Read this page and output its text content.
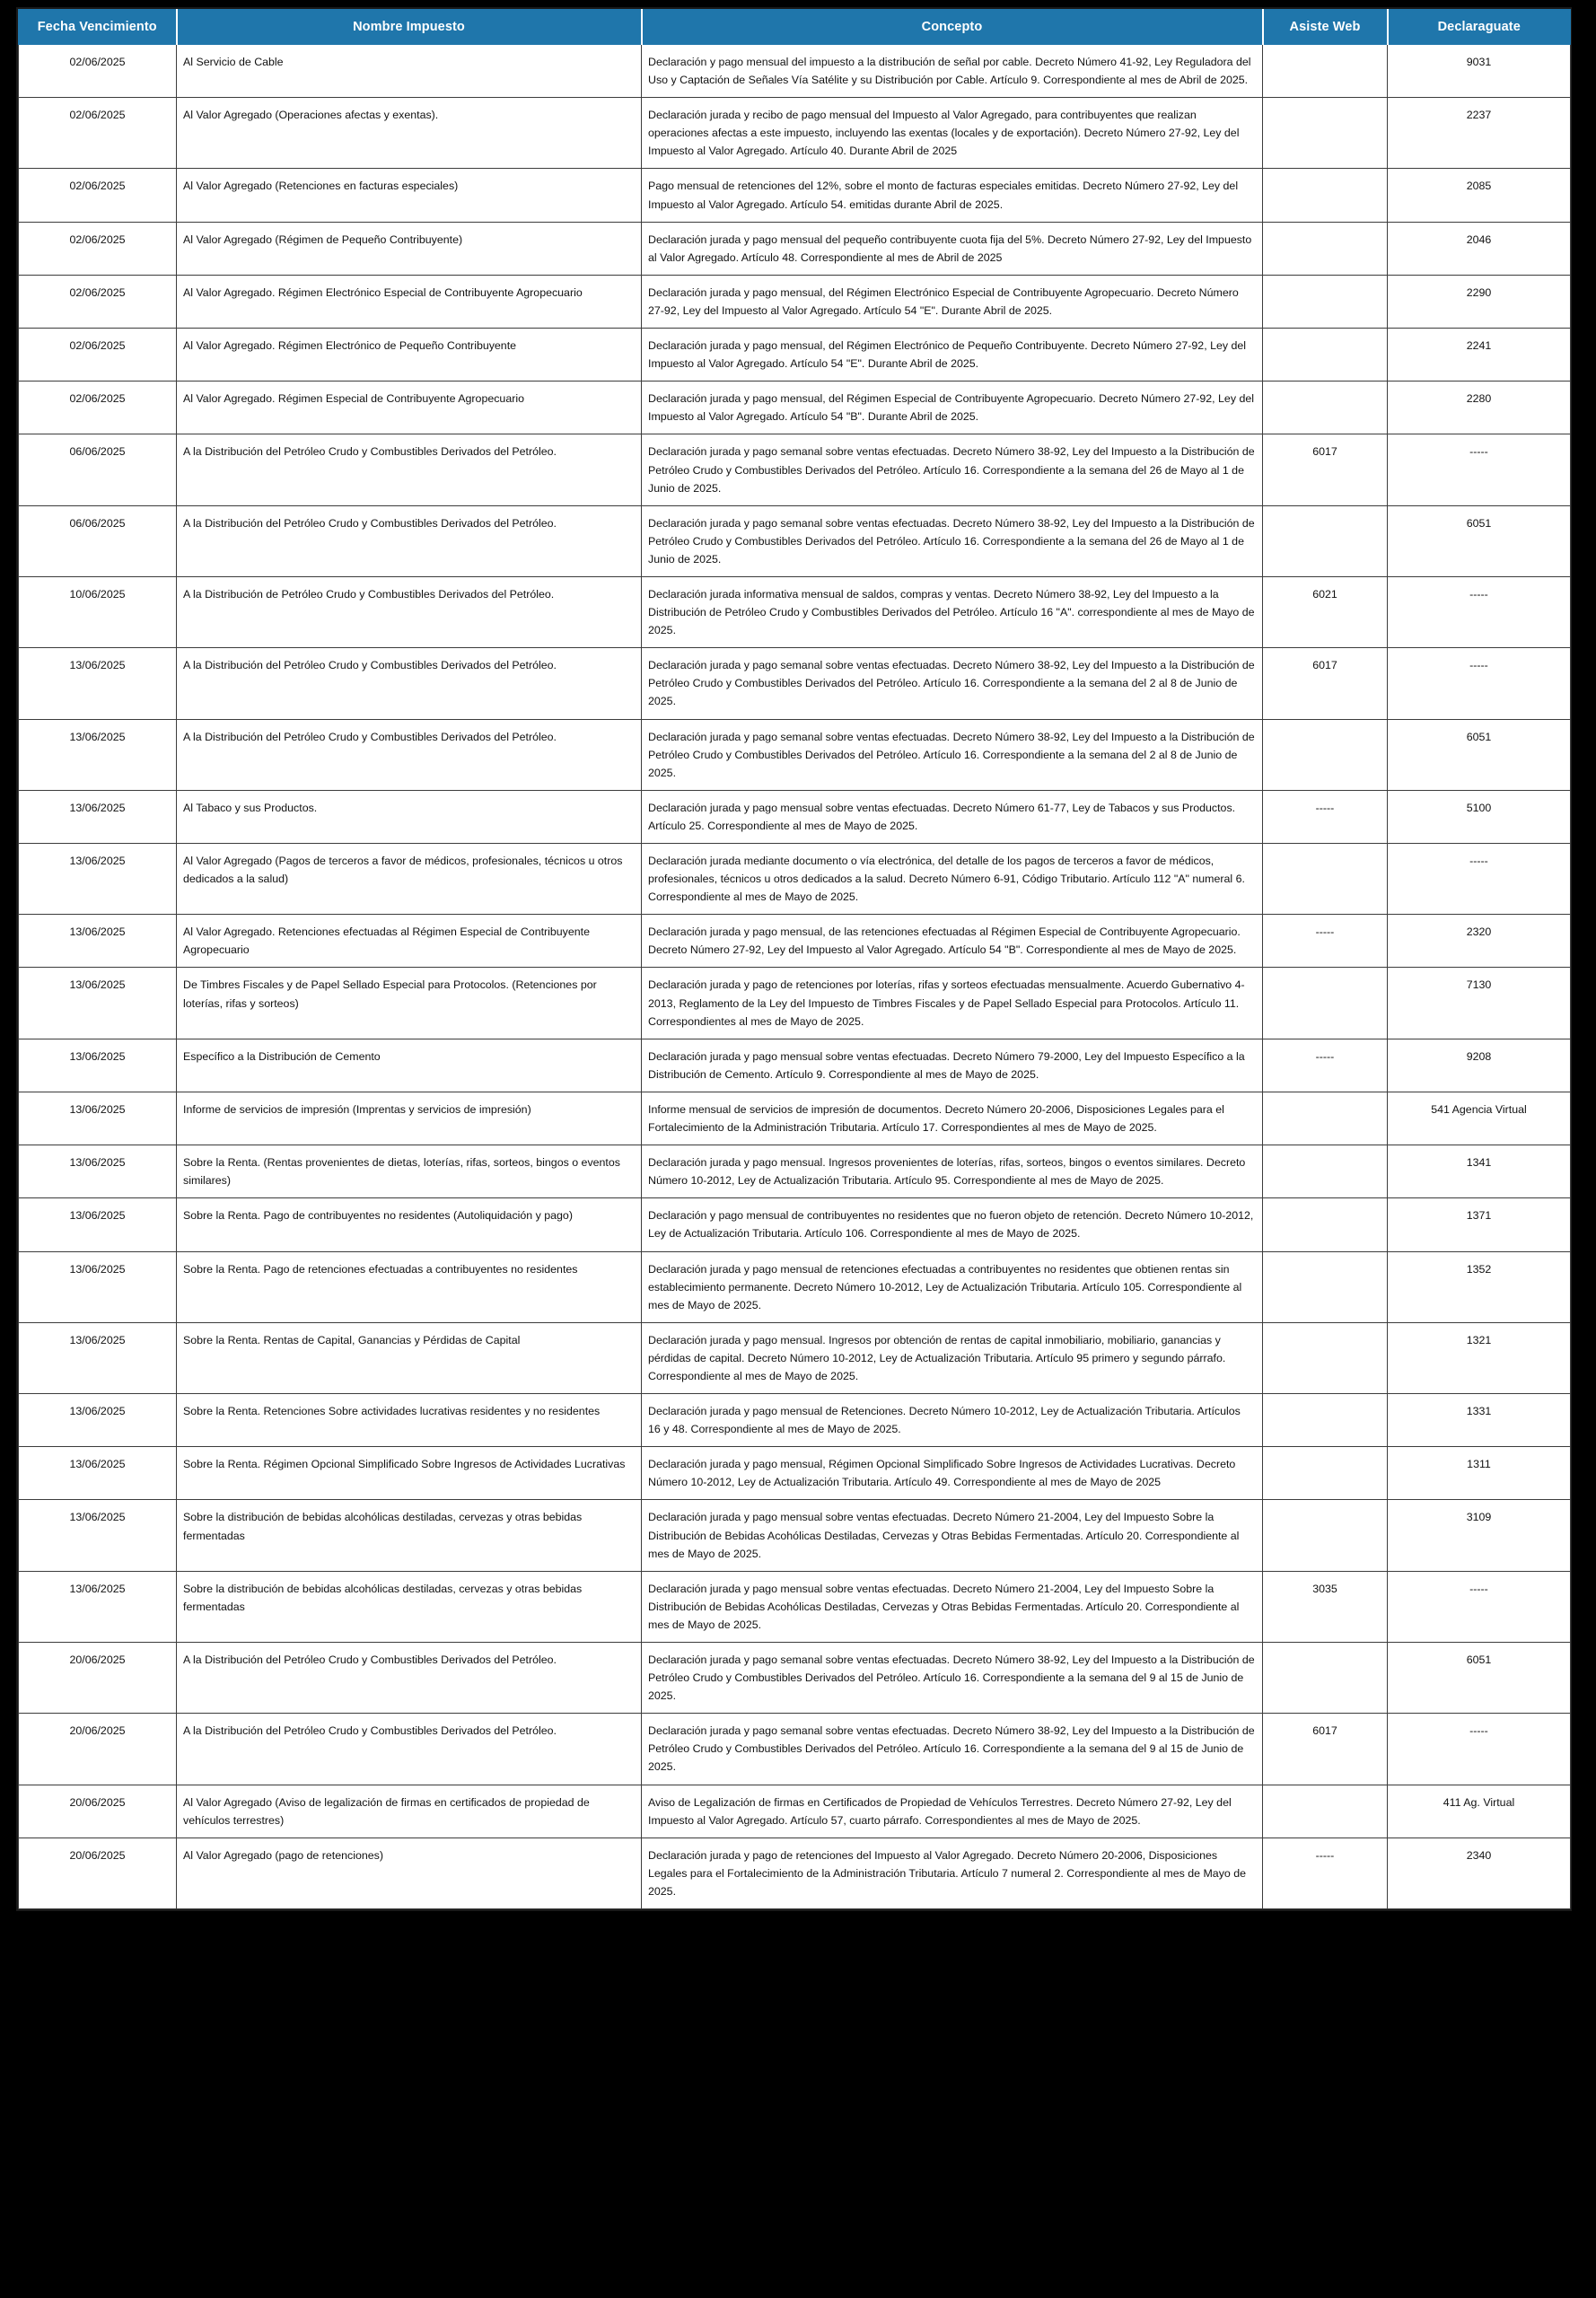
Fecha Vencimiento	Nombre Impuesto	Concepto	Asiste Web	Declaraguate
02/06/2025	Al Servicio de Cable	Declaración y pago mensual del impuesto a la distribución de señal por cable. Decreto Número 41-92, Ley Reguladora del Uso y Captación de Señales Vía Satélite y su Distribución por Cable. Artículo 9. Correspondiente al mes de Abril de 2025.		9031
02/06/2025	Al Valor Agregado (Operaciones afectas y exentas).	Declaración jurada y recibo de pago mensual del Impuesto al Valor Agregado, para contribuyentes que realizan operaciones afectas a este impuesto, incluyendo las exentas (locales y de exportación). Decreto Número 27-92, Ley del Impuesto al Valor Agregado. Artículo 40. Durante Abril de 2025		2237
02/06/2025	Al Valor Agregado (Retenciones en facturas especiales)	Pago mensual de retenciones del 12%, sobre el monto de facturas especiales emitidas. Decreto Número 27-92, Ley del Impuesto al Valor Agregado. Artículo 54. emitidas durante Abril de 2025.		2085
02/06/2025	Al Valor Agregado (Régimen de Pequeño Contribuyente)	Declaración jurada y pago mensual del pequeño contribuyente cuota fija del 5%. Decreto Número 27-92, Ley del Impuesto al Valor Agregado. Artículo 48. Correspondiente al mes de Abril de 2025		2046
02/06/2025	Al Valor Agregado. Régimen Electrónico Especial de Contribuyente Agropecuario	Declaración jurada y pago mensual, del Régimen Electrónico Especial de Contribuyente Agropecuario. Decreto Número 27-92, Ley del Impuesto al Valor Agregado. Artículo 54 "E". Durante Abril de 2025.		2290
02/06/2025	Al Valor Agregado. Régimen Electrónico de Pequeño Contribuyente	Declaración jurada y pago mensual, del Régimen Electrónico de Pequeño Contribuyente. Decreto Número 27-92, Ley del Impuesto al Valor Agregado. Artículo 54 "E". Durante Abril de 2025.		2241
02/06/2025	Al Valor Agregado. Régimen Especial de Contribuyente Agropecuario	Declaración jurada y pago mensual, del Régimen Especial de Contribuyente Agropecuario. Decreto Número 27-92, Ley del Impuesto al Valor Agregado. Artículo 54 "B". Durante Abril de 2025.		2280
06/06/2025	A la Distribución del Petróleo Crudo y Combustibles Derivados del Petróleo.	Declaración jurada y pago semanal sobre ventas efectuadas. Decreto Número 38-92, Ley del Impuesto a la Distribución de Petróleo Crudo y Combustibles Derivados del Petróleo. Artículo 16. Correspondiente a la semana del 26 de Mayo al 1 de Junio de 2025.	6017	-----
06/06/2025	A la Distribución del Petróleo Crudo y Combustibles Derivados del Petróleo.	Declaración jurada y pago semanal sobre ventas efectuadas. Decreto Número 38-92, Ley del Impuesto a la Distribución de Petróleo Crudo y Combustibles Derivados del Petróleo. Artículo 16. Correspondiente a la semana del 26 de Mayo al 1 de Junio de 2025.		6051
10/06/2025	A la Distribución de Petróleo Crudo y Combustibles Derivados del Petróleo.	Declaración jurada informativa mensual de saldos, compras y ventas. Decreto Número 38-92, Ley del Impuesto a la Distribución de Petróleo Crudo y Combustibles Derivados del Petróleo. Artículo 16 "A". correspondiente al mes de Mayo de 2025.	6021	-----
13/06/2025	A la Distribución del Petróleo Crudo y Combustibles Derivados del Petróleo.	Declaración jurada y pago semanal sobre ventas efectuadas. Decreto Número 38-92, Ley del Impuesto a la Distribución de Petróleo Crudo y Combustibles Derivados del Petróleo. Artículo 16. Correspondiente a la semana del 2 al 8 de Junio de 2025.	6017	-----
13/06/2025	A la Distribución del Petróleo Crudo y Combustibles Derivados del Petróleo.	Declaración jurada y pago semanal sobre ventas efectuadas. Decreto Número 38-92, Ley del Impuesto a la Distribución de Petróleo Crudo y Combustibles Derivados del Petróleo. Artículo 16. Correspondiente a la semana del 2 al 8 de Junio de 2025.		6051
13/06/2025	Al Tabaco y sus Productos.	Declaración jurada y pago mensual sobre ventas efectuadas. Decreto Número 61-77, Ley de Tabacos y sus Productos. Artículo 25. Correspondiente al mes de Mayo de 2025.	-----	5100
13/06/2025	Al Valor Agregado (Pagos de terceros a favor de médicos, profesionales, técnicos u otros dedicados a la salud)	Declaración jurada mediante documento o vía electrónica, del detalle de los pagos de terceros a favor de médicos, profesionales, técnicos u otros dedicados a la salud. Decreto Número 6-91, Código Tributario. Artículo 112 "A" numeral 6. Correspondiente al mes de Mayo de 2025.		-----
13/06/2025	Al Valor Agregado. Retenciones efectuadas al Régimen Especial de Contribuyente Agropecuario	Declaración jurada y pago mensual, de las retenciones efectuadas al Régimen Especial de Contribuyente Agropecuario. Decreto Número 27-92, Ley del Impuesto al Valor Agregado. Artículo 54 "B". Correspondiente al mes de Mayo de 2025.	-----	2320
13/06/2025	De Timbres Fiscales y de Papel Sellado Especial para Protocolos. (Retenciones por loterías, rifas y sorteos)	Declaración jurada y pago de retenciones por loterías, rifas y sorteos efectuadas mensualmente. Acuerdo Gubernativo 4-2013, Reglamento de la Ley del Impuesto de Timbres Fiscales y de Papel Sellado Especial para Protocolos. Artículo 11. Correspondientes al mes de Mayo de 2025.		7130
13/06/2025	Específico a la Distribución de Cemento	Declaración jurada y pago mensual sobre ventas efectuadas. Decreto Número 79-2000, Ley del Impuesto Específico a la Distribución de Cemento. Artículo 9. Correspondiente al mes de Mayo de 2025.	-----	9208
13/06/2025	Informe de servicios de impresión (Imprentas y servicios de impresión)	Informe mensual de servicios de impresión de documentos. Decreto Número 20-2006, Disposiciones Legales para el Fortalecimiento de la Administración Tributaria. Artículo 17. Correspondientes al mes de Mayo de 2025.		541 Agencia Virtual
13/06/2025	Sobre la Renta. (Rentas provenientes de dietas, loterías, rifas, sorteos, bingos o eventos similares)	Declaración jurada y pago mensual. Ingresos provenientes de loterías, rifas, sorteos, bingos o eventos similares. Decreto Número 10-2012, Ley de Actualización Tributaria. Artículo 95. Correspondiente al mes de Mayo de 2025.		1341
13/06/2025	Sobre la Renta. Pago de contribuyentes no residentes (Autoliquidación y pago)	Declaración y pago mensual de contribuyentes no residentes que no fueron objeto de retención. Decreto Número 10-2012, Ley de Actualización Tributaria. Artículo 106. Correspondiente al mes de Mayo de 2025.		1371
13/06/2025	Sobre la Renta. Pago de retenciones efectuadas a contribuyentes no residentes	Declaración jurada y pago mensual de retenciones efectuadas a contribuyentes no residentes que obtienen rentas sin establecimiento permanente. Decreto Número 10-2012, Ley de Actualización Tributaria. Artículo 105. Correspondiente al mes de Mayo de 2025.		1352
13/06/2025	Sobre la Renta. Rentas de Capital, Ganancias y Pérdidas de Capital	Declaración jurada y pago mensual. Ingresos por obtención de rentas de capital inmobiliario, mobiliario, ganancias y pérdidas de capital. Decreto Número 10-2012, Ley de Actualización Tributaria. Artículo 95 primero y segundo párrafo. Correspondiente al mes de Mayo de 2025.		1321
13/06/2025	Sobre la Renta. Retenciones Sobre actividades lucrativas residentes y no residentes	Declaración jurada y pago mensual de Retenciones. Decreto Número 10-2012, Ley de Actualización Tributaria. Artículos 16 y 48. Correspondiente al mes de Mayo de 2025.		1331
13/06/2025	Sobre la Renta. Régimen Opcional Simplificado Sobre Ingresos de Actividades Lucrativas	Declaración jurada y pago mensual, Régimen Opcional Simplificado Sobre Ingresos de Actividades Lucrativas. Decreto Número 10-2012, Ley de Actualización Tributaria. Artículo 49. Correspondiente al mes de Mayo de 2025		1311
13/06/2025	Sobre la distribución de bebidas alcohólicas destiladas, cervezas y otras bebidas fermentadas	Declaración jurada y pago mensual sobre ventas efectuadas. Decreto Número 21-2004, Ley del Impuesto Sobre la Distribución de Bebidas Acohólicas Destiladas, Cervezas y Otras Bebidas Fermentadas. Artículo 20. Correspondiente al mes de Mayo de 2025.		3109
13/06/2025	Sobre la distribución de bebidas alcohólicas destiladas, cervezas y otras bebidas fermentadas	Declaración jurada y pago mensual sobre ventas efectuadas. Decreto Número 21-2004, Ley del Impuesto Sobre la Distribución de Bebidas Acohólicas Destiladas, Cervezas y Otras Bebidas Fermentadas. Artículo 20. Correspondiente al mes de Mayo de 2025.	3035	-----
20/06/2025	A la Distribución del Petróleo Crudo y Combustibles Derivados del Petróleo.	Declaración jurada y pago semanal sobre ventas efectuadas. Decreto Número 38-92, Ley del Impuesto a la Distribución de Petróleo Crudo y Combustibles Derivados del Petróleo. Artículo 16. Correspondiente a la semana del 9 al 15 de Junio de 2025.		6051
20/06/2025	A la Distribución del Petróleo Crudo y Combustibles Derivados del Petróleo.	Declaración jurada y pago semanal sobre ventas efectuadas. Decreto Número 38-92, Ley del Impuesto a la Distribución de Petróleo Crudo y Combustibles Derivados del Petróleo. Artículo 16. Correspondiente a la semana del 9 al 15 de Junio de 2025.	6017	-----
20/06/2025	Al Valor Agregado (Aviso de legalización de firmas en certificados de propiedad de vehículos terrestres)	Aviso de Legalización de firmas en Certificados de Propiedad de Vehículos Terrestres. Decreto Número 27-92, Ley del Impuesto al Valor Agregado. Artículo 57, cuarto párrafo. Correspondientes al mes de Mayo de 2025.		411 Ag. Virtual
20/06/2025	Al Valor Agregado (pago de retenciones)	Declaración jurada y pago de retenciones del Impuesto al Valor Agregado. Decreto Número 20-2006, Disposiciones Legales para el Fortalecimiento de la Administración Tributaria. Artículo 7 numeral 2. Correspondiente al mes de Mayo de 2025.	-----	2340
